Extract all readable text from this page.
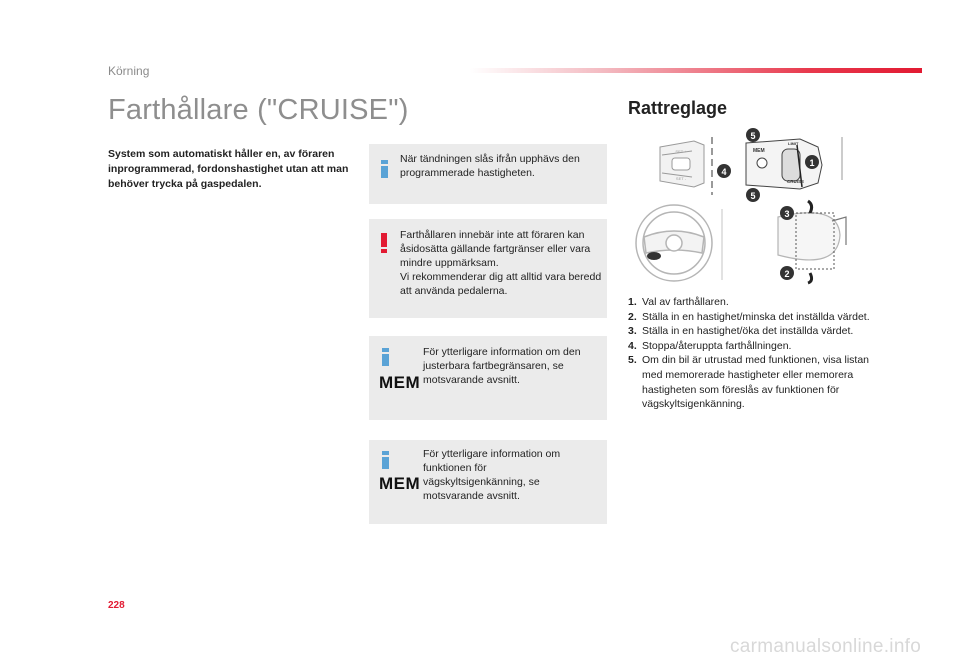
Körning
Farthållare ("CRUISE")
System som automatiskt håller en, av föraren inprogrammerad, fordonshastighet utan att man behöver trycka på gaspedalen.

När tändningen slås ifrån upphävs den programmerade hastigheten.

Farthållaren innebär inte att föraren kan åsidosätta gällande fartgränser eller vara mindre uppmärksam.
Vi rekommenderar dig att alltid vara beredd att använda pedalerna.

MEM

För ytterligare information om den justerbara fartbegränsaren, se motsvarande avsnitt.

MEM

För ytterligare information om funktionen för vägskyltsigenkänning, se motsvarande avsnitt.

Rattreglage
SET +
SET -
MEM
LIMIT
CRUISE
1
2
3
4
5
5
1. Val av farthållaren.
2. Ställa in en hastighet/minska det inställda värdet.
3. Ställa in en hastighet/öka det inställda värdet.
4. Stoppa/återuppta farthållningen.
5. Om din bil är utrustad med funktionen, visa listan med memorerade hastigheter eller memorera hastigheten som föreslås av funktionen för vägskyltsigenkänning.
228
carmanualsonline.info
